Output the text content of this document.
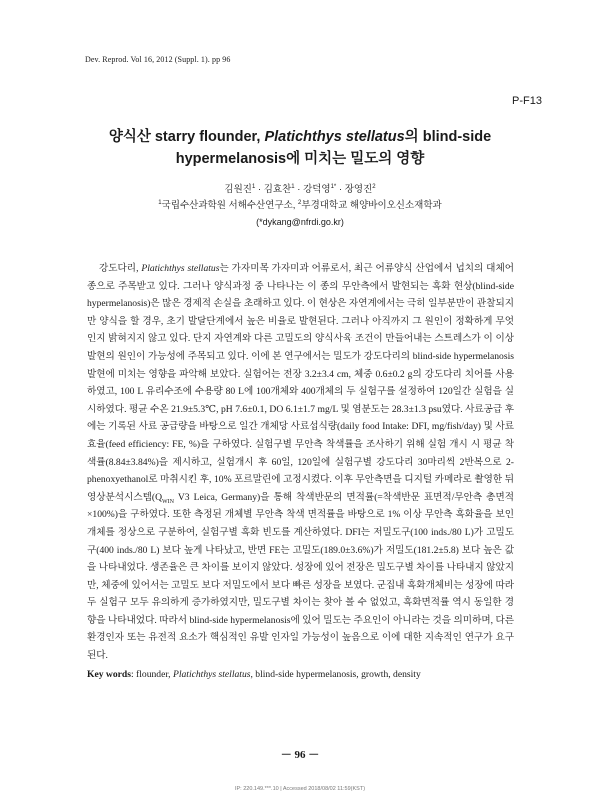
Dev. Reprod. Vol 16, 2012 (Suppl. 1). pp 96
P-F13
양식산 starry flounder, Platichthys stellatus의 blind-side
hypermelanosis에 미치는 밀도의 영향
김원진$^1$ · 김효찬$^1$ · 강덕영$^{1*}$ · 장영진$^2$
$^1$국립수산과학원 서해수산연구소, $^2$부경대학교 해양바이오신소재학과
(*dykang@nfrdi.go.kr)

강도다리, Platichthys stellatus는 가자미목 가자미과 어류로서, 최근 어류양식 산업에서 넙치의 대체어종으로 주목받고 있다. 그러나 양식과정 중 나타나는 이 종의 무안측에서 발현되는 흑화 현상(blind-side hypermelanosis)은 많은 경제적 손실을 초래하고 있다. 이 현상은 자연계에서는 극히 일부분만이 관찰되지만 양식을 할 경우, 초기 발달단계에서 높은 비율로 발현된다. 그러나 아직까지 그 원인이 정확하게 무엇인지 밝혀지지 않고 있다. 단지 자연계와 다른 고밀도의 양식사육 조건이 만들어내는 스트레스가 이 이상 발현의 원인이 가능성에 주목되고 있다. 이에 본 연구에서는 밀도가 강도다리의 blind-side hypermelanosis 발현에 미치는 영향을 파악해 보았다. 실험어는 전장 3.2±3.4 cm, 체중 0.6±0.2 g의 강도다리 치어를 사용하였고, 100 L 유리수조에 수용량 80 L에 100개체와 400개체의 두 실험구를 설정하여 120일간 실험을 실시하였다. 평균 수온 21.9±5.3℃, pH 7.6±0.1, DO 6.1±1.7 mg/L 및 염분도는 28.3±1.3 psu였다. 사료공급 후에는 기록된 사료 공급량을 바탕으로 일간 개체당 사료섭식량(daily food Intake: DFI, mg/fish/day) 및 사료효율(feed efficiency: FE, %)을 구하였다. 실험구별 무안측 착색률을 조사하기 위해 실험 개시 시 평균 착색률(8.84±3.84%)을 제시하고, 실험개시 후 60일, 120일에 실험구별 강도다리 30마리씩 2반복으로 2-phenoxyethanol로 마취시킨 후, 10% 포르말린에 고정시켰다. 이후 무안측면을 디지털 카메라로 촬영한 뒤 영상분석시스템($Q_{WIN}$ V3 Leica, Germany)을 통해 착색반문의 면적률(=착색반문 표면적/무안측 총면적×100%)을 구하였다. 또한 측정된 개체별 무안측 착색 면적률을 바탕으로 1% 이상 무안측 흑화율을 보인 개체를 정상으로 구분하여, 실험구별 흑화 빈도를 계산하였다. DFI는 저밀도구(100 inds./80 L)가 고밀도구(400 inds./80 L) 보다 높게 나타났고, 반면 FE는 고밀도(189.0±3.6%)가 저밀도(181.2±5.8) 보다 높은 값을 나타내었다. 생존율은 큰 차이를 보이지 않았다. 성장에 있어 전장은 밀도구별 차이를 나타내지 않았지만, 체중에 있어서는 고밀도 보다 저밀도에서 보다 빠른 성장을 보였다. 군집내 흑화개체비는 성장에 따라 두 실험구 모두 유의하게 증가하였지만, 밀도구별 차이는 찾아 볼 수 없었고, 흑화면적률 역시 동일한 경향을 나타내었다. 따라서 blind-side hypermelanosis에 있어 밀도는 주요인이 아니라는 것을 의미하며, 다른 환경인자 또는 유전적 요소가 핵심적인 유발 인자일 가능성이 높음으로 이에 대한 지속적인 연구가 요구된다.

Key words: flounder, Platichthys stellatus, blind-side hypermelanosis, growth, density
－ 96 －
IP: 220.149.***.10 | Accessed 2018/08/02 11:59(KST)
